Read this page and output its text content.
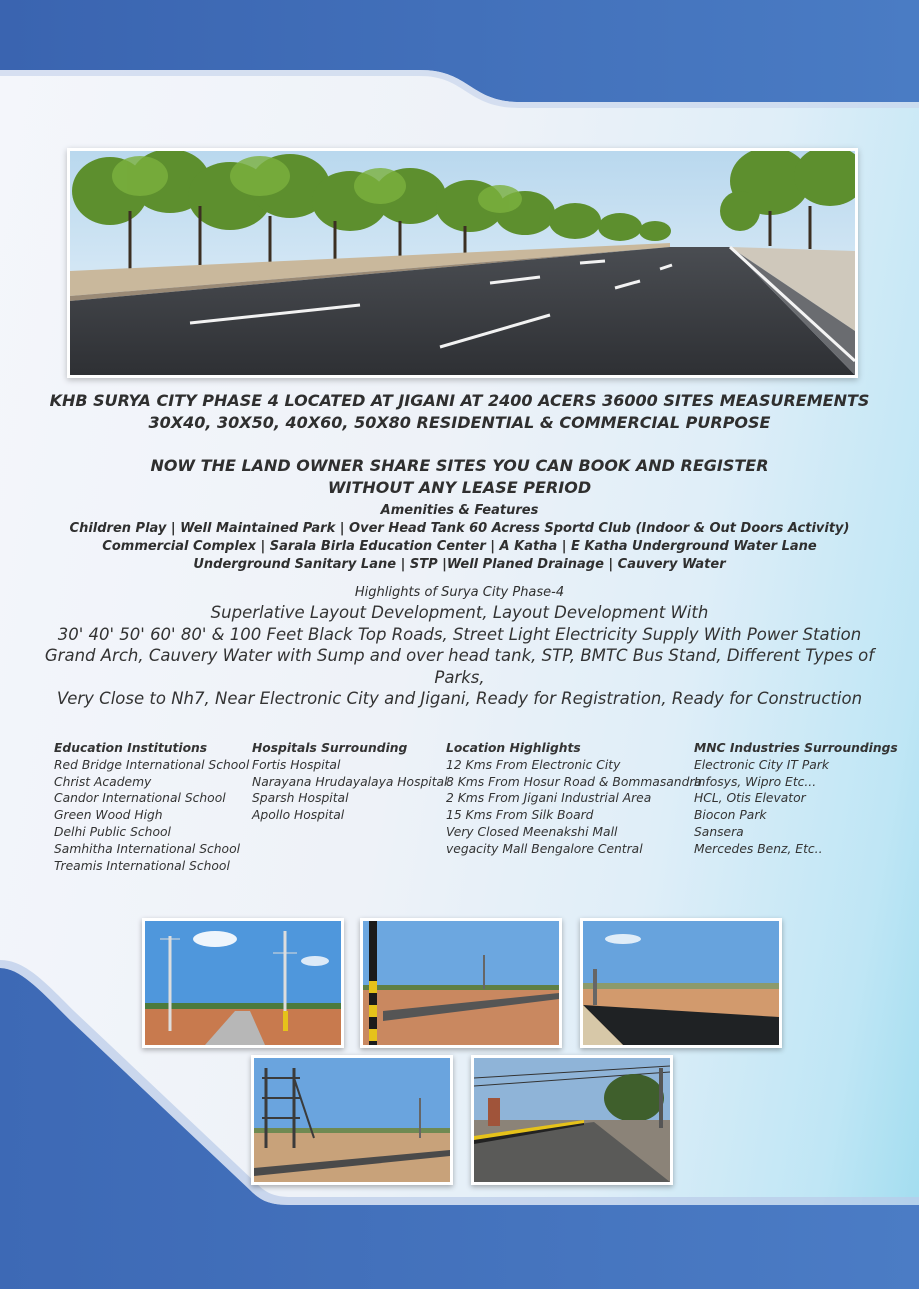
KHB SURYA CITY PHASE 4 LOCATED AT JIGANI AT 2400 ACERS 36000 SITES MEASUREMENTS

30X40, 30X50, 40X60, 50X80 RESIDENTIAL & COMMERCIAL PURPOSE

NOW THE LAND OWNER SHARE SITES YOU CAN BOOK AND REGISTER

WITHOUT ANY LEASE PERIOD

Amenities & Features

Children Play | Well Maintained Park | Over Head Tank 60 Acress Sportd Club (Indoor & Out Doors Activity)

Commercial Complex | Sarala Birla Education Center | A Katha | E Katha Underground Water Lane

Underground Sanitary Lane | STP |Well Planed Drainage | Cauvery Water

Highlights of Surya City Phase-4

Superlative Layout Development, Layout Development With

30' 40' 50' 60' 80' & 100 Feet Black Top Roads, Street Light Electricity Supply With Power Station

Grand Arch, Cauvery Water with Sump and over head tank, STP, BMTC Bus Stand, Different Types of Parks,

Very Close to Nh7, Near Electronic City and Jigani, Ready for Registration, Ready for Construction

Education Institutions
Red Bridge International School
Christ Academy
Candor International School
Green Wood High
Delhi Public School
Samhitha International School
Treamis International School
Hospitals Surrounding
Fortis Hospital
Narayana Hrudayalaya Hospital
Sparsh Hospital
Apollo Hospital
Location Highlights
12 Kms From Electronic City
8 Kms From Hosur Road & Bommasandra
2 Kms From Jigani Industrial Area
15 Kms From Silk Board
Very Closed Meenakshi Mall
vegacity Mall Bengalore Central
MNC Industries Surroundings
Electronic City IT Park
Infosys, Wipro Etc...
HCL, Otis Elevator
Biocon Park
Sansera
Mercedes Benz, Etc..
